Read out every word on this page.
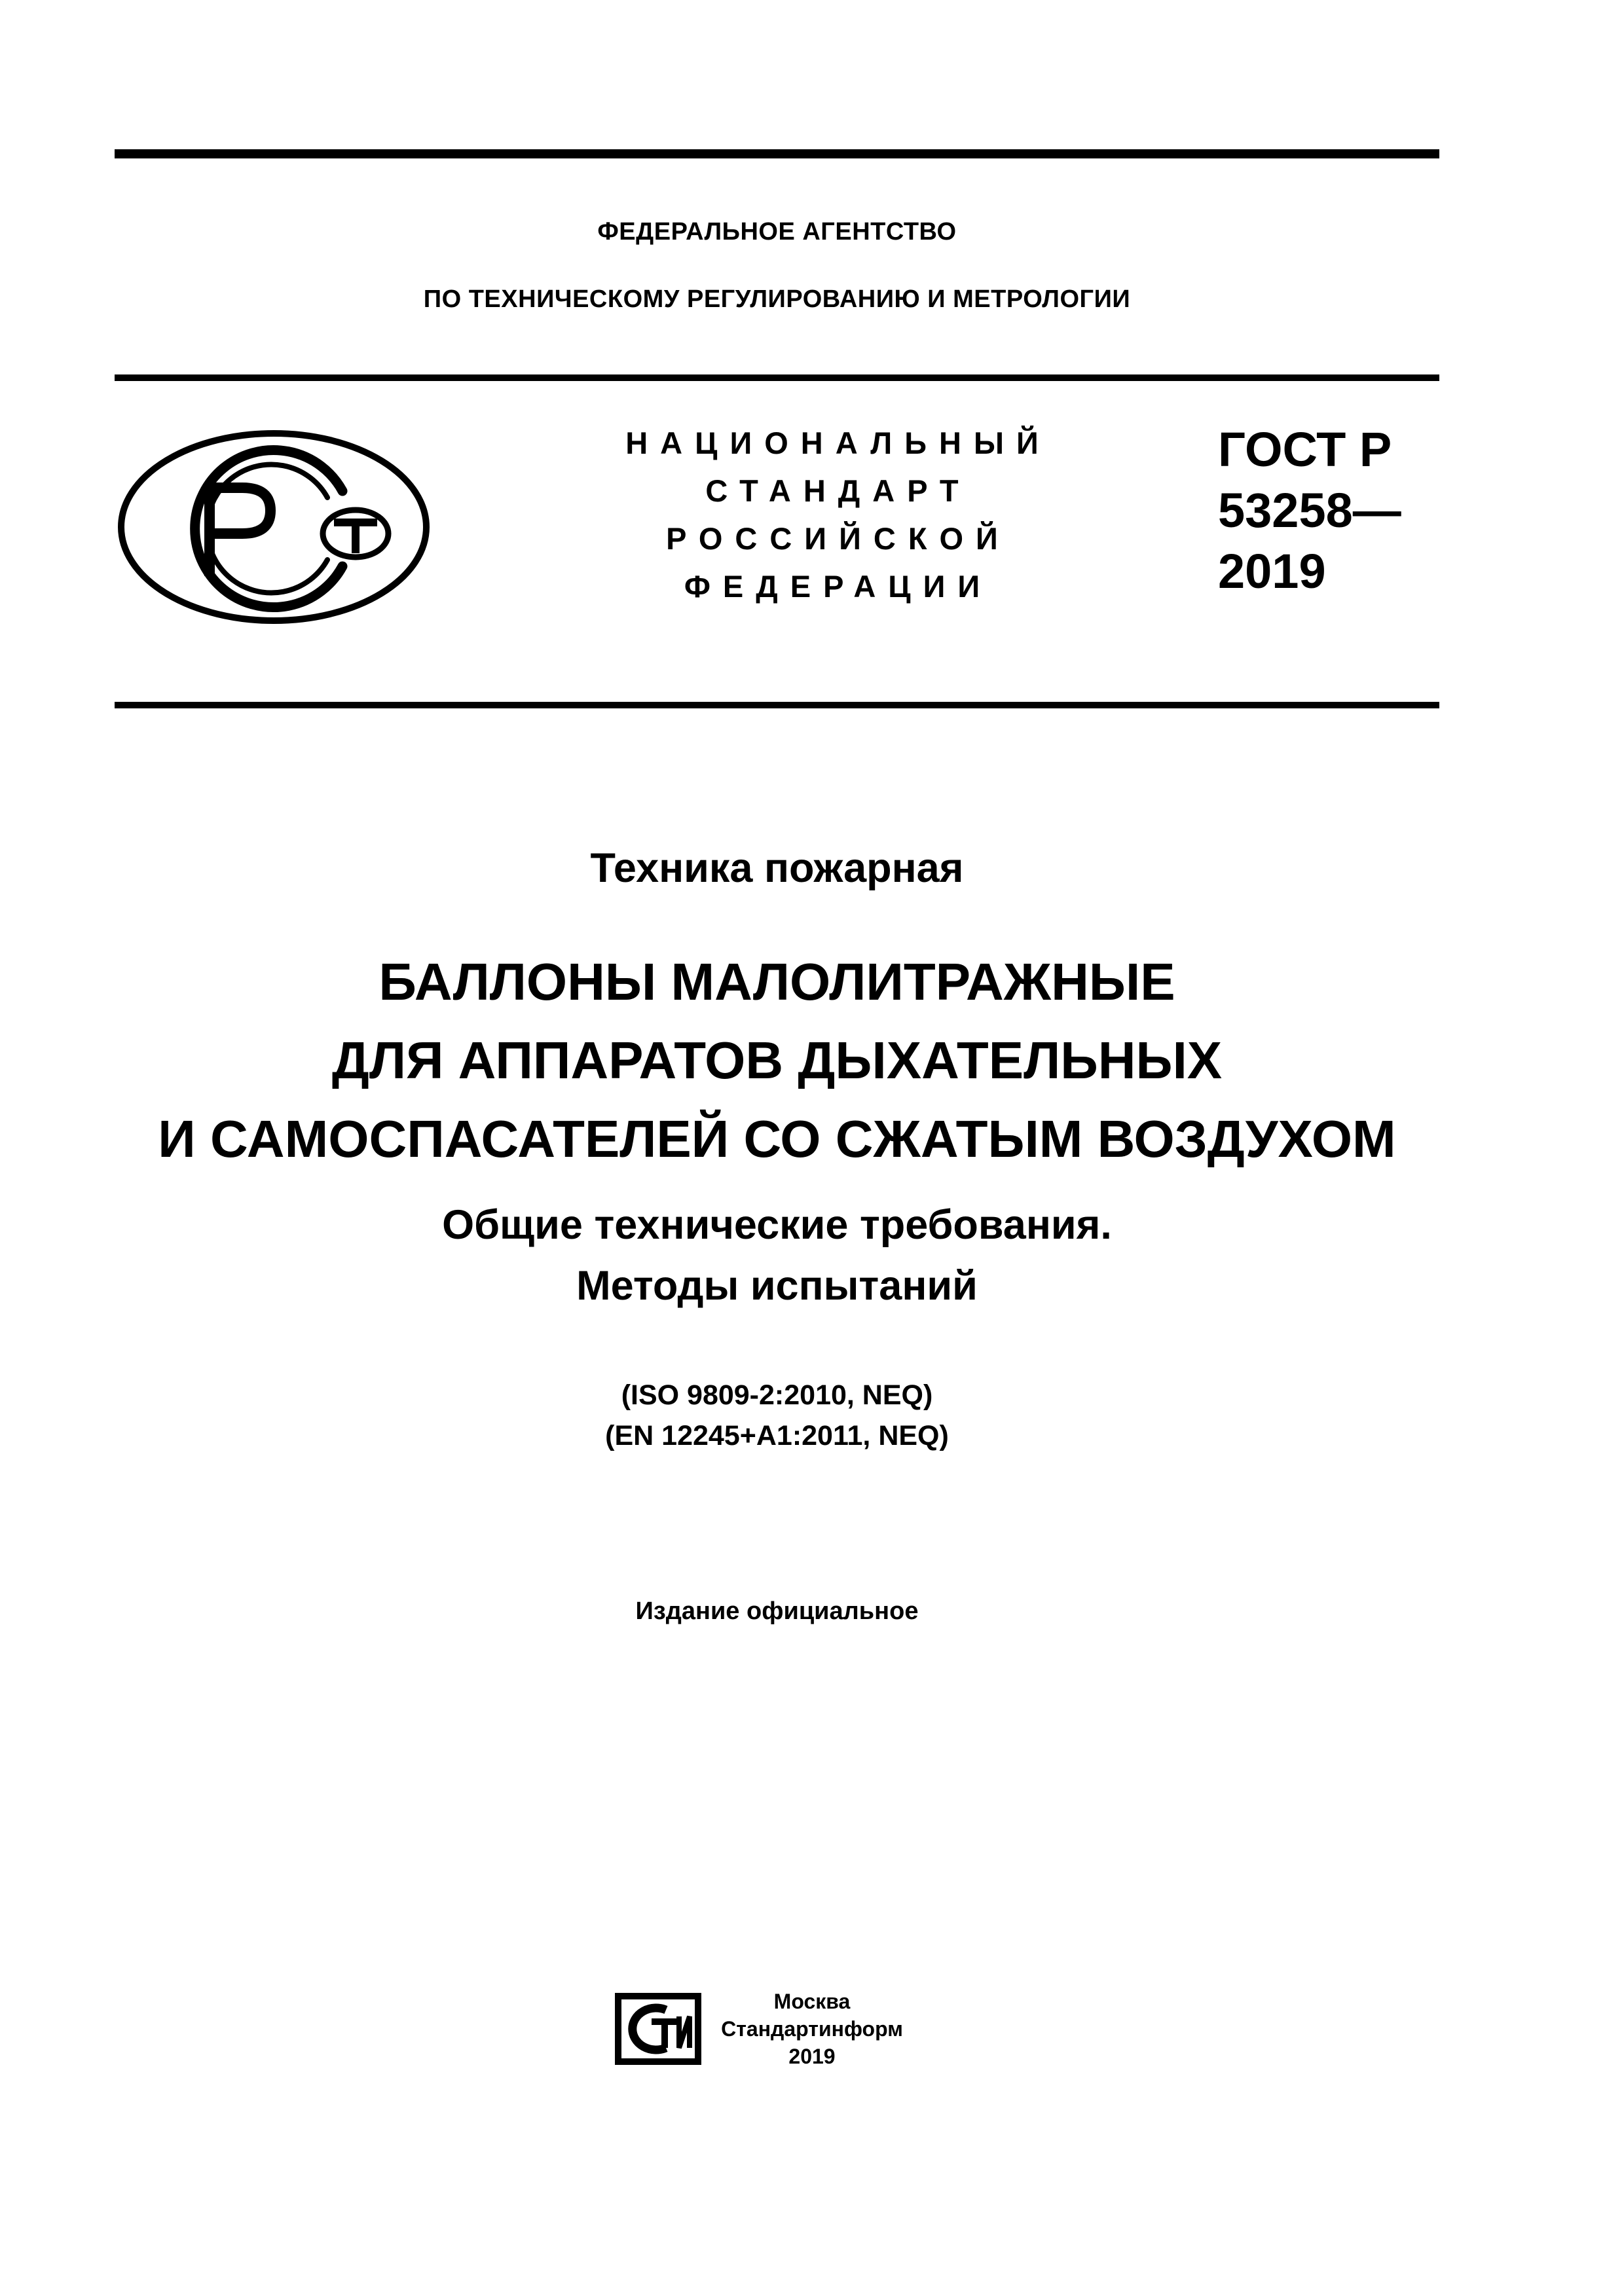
ФЕДЕРАЛЬНОЕ АГЕНТСТВО
ПО ТЕХНИЧЕСКОМУ РЕГУЛИРОВАНИЮ И МЕТРОЛОГИИ
НАЦИОНАЛЬНЫЙ
СТАНДАРТ
РОССИЙСКОЙ
ФЕДЕРАЦИИ
ГОСТ Р
53258—
2019
Техника пожарная
БАЛЛОНЫ МАЛОЛИТРАЖНЫЕ
ДЛЯ АППАРАТОВ ДЫХАТЕЛЬНЫХ
И САМОСПАСАТЕЛЕЙ СО СЖАТЫМ ВОЗДУХОМ
Общие технические требования.
Методы испытаний
(ISO 9809-2:2010, NEQ)
(EN 12245+A1:2011, NEQ)
Издание официальное
Москва
Стандартинформ
2019
